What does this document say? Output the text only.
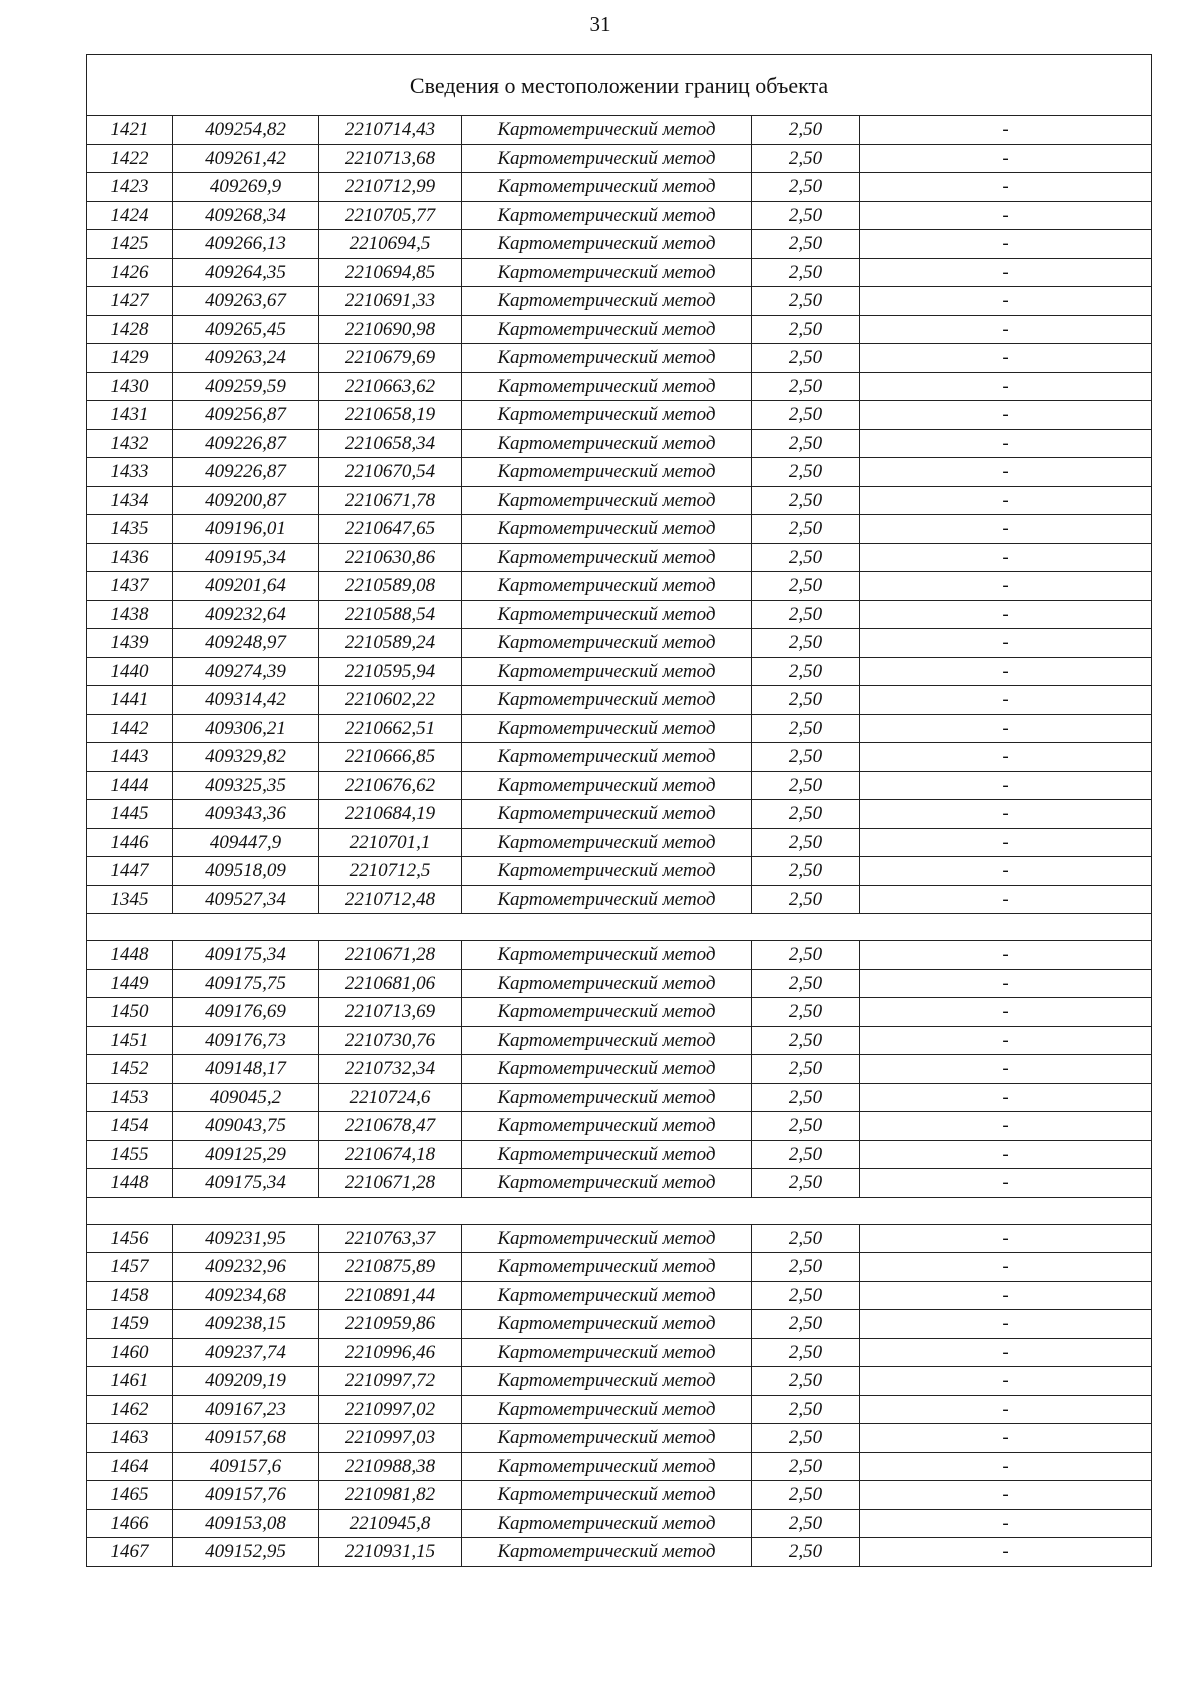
31
Сведения о местоположении границ объекта					
1421	409254,82	2210714,43	Картометрический метод	2,50	-
1422	409261,42	2210713,68	Картометрический метод	2,50	-
1423	409269,9	2210712,99	Картометрический метод	2,50	-
1424	409268,34	2210705,77	Картометрический метод	2,50	-
1425	409266,13	2210694,5	Картометрический метод	2,50	-
1426	409264,35	2210694,85	Картометрический метод	2,50	-
1427	409263,67	2210691,33	Картометрический метод	2,50	-
1428	409265,45	2210690,98	Картометрический метод	2,50	-
1429	409263,24	2210679,69	Картометрический метод	2,50	-
1430	409259,59	2210663,62	Картометрический метод	2,50	-
1431	409256,87	2210658,19	Картометрический метод	2,50	-
1432	409226,87	2210658,34	Картометрический метод	2,50	-
1433	409226,87	2210670,54	Картометрический метод	2,50	-
1434	409200,87	2210671,78	Картометрический метод	2,50	-
1435	409196,01	2210647,65	Картометрический метод	2,50	-
1436	409195,34	2210630,86	Картометрический метод	2,50	-
1437	409201,64	2210589,08	Картометрический метод	2,50	-
1438	409232,64	2210588,54	Картометрический метод	2,50	-
1439	409248,97	2210589,24	Картометрический метод	2,50	-
1440	409274,39	2210595,94	Картометрический метод	2,50	-
1441	409314,42	2210602,22	Картометрический метод	2,50	-
1442	409306,21	2210662,51	Картометрический метод	2,50	-
1443	409329,82	2210666,85	Картометрический метод	2,50	-
1444	409325,35	2210676,62	Картометрический метод	2,50	-
1445	409343,36	2210684,19	Картометрический метод	2,50	-
1446	409447,9	2210701,1	Картометрический метод	2,50	-
1447	409518,09	2210712,5	Картометрический метод	2,50	-
1345	409527,34	2210712,48	Картометрический метод	2,50	-

1448	409175,34	2210671,28	Картометрический метод	2,50	-
1449	409175,75	2210681,06	Картометрический метод	2,50	-
1450	409176,69	2210713,69	Картометрический метод	2,50	-
1451	409176,73	2210730,76	Картометрический метод	2,50	-
1452	409148,17	2210732,34	Картометрический метод	2,50	-
1453	409045,2	2210724,6	Картометрический метод	2,50	-
1454	409043,75	2210678,47	Картометрический метод	2,50	-
1455	409125,29	2210674,18	Картометрический метод	2,50	-
1448	409175,34	2210671,28	Картометрический метод	2,50	-

1456	409231,95	2210763,37	Картометрический метод	2,50	-
1457	409232,96	2210875,89	Картометрический метод	2,50	-
1458	409234,68	2210891,44	Картометрический метод	2,50	-
1459	409238,15	2210959,86	Картометрический метод	2,50	-
1460	409237,74	2210996,46	Картометрический метод	2,50	-
1461	409209,19	2210997,72	Картометрический метод	2,50	-
1462	409167,23	2210997,02	Картометрический метод	2,50	-
1463	409157,68	2210997,03	Картометрический метод	2,50	-
1464	409157,6	2210988,38	Картометрический метод	2,50	-
1465	409157,76	2210981,82	Картометрический метод	2,50	-
1466	409153,08	2210945,8	Картометрический метод	2,50	-
1467	409152,95	2210931,15	Картометрический метод	2,50	-
